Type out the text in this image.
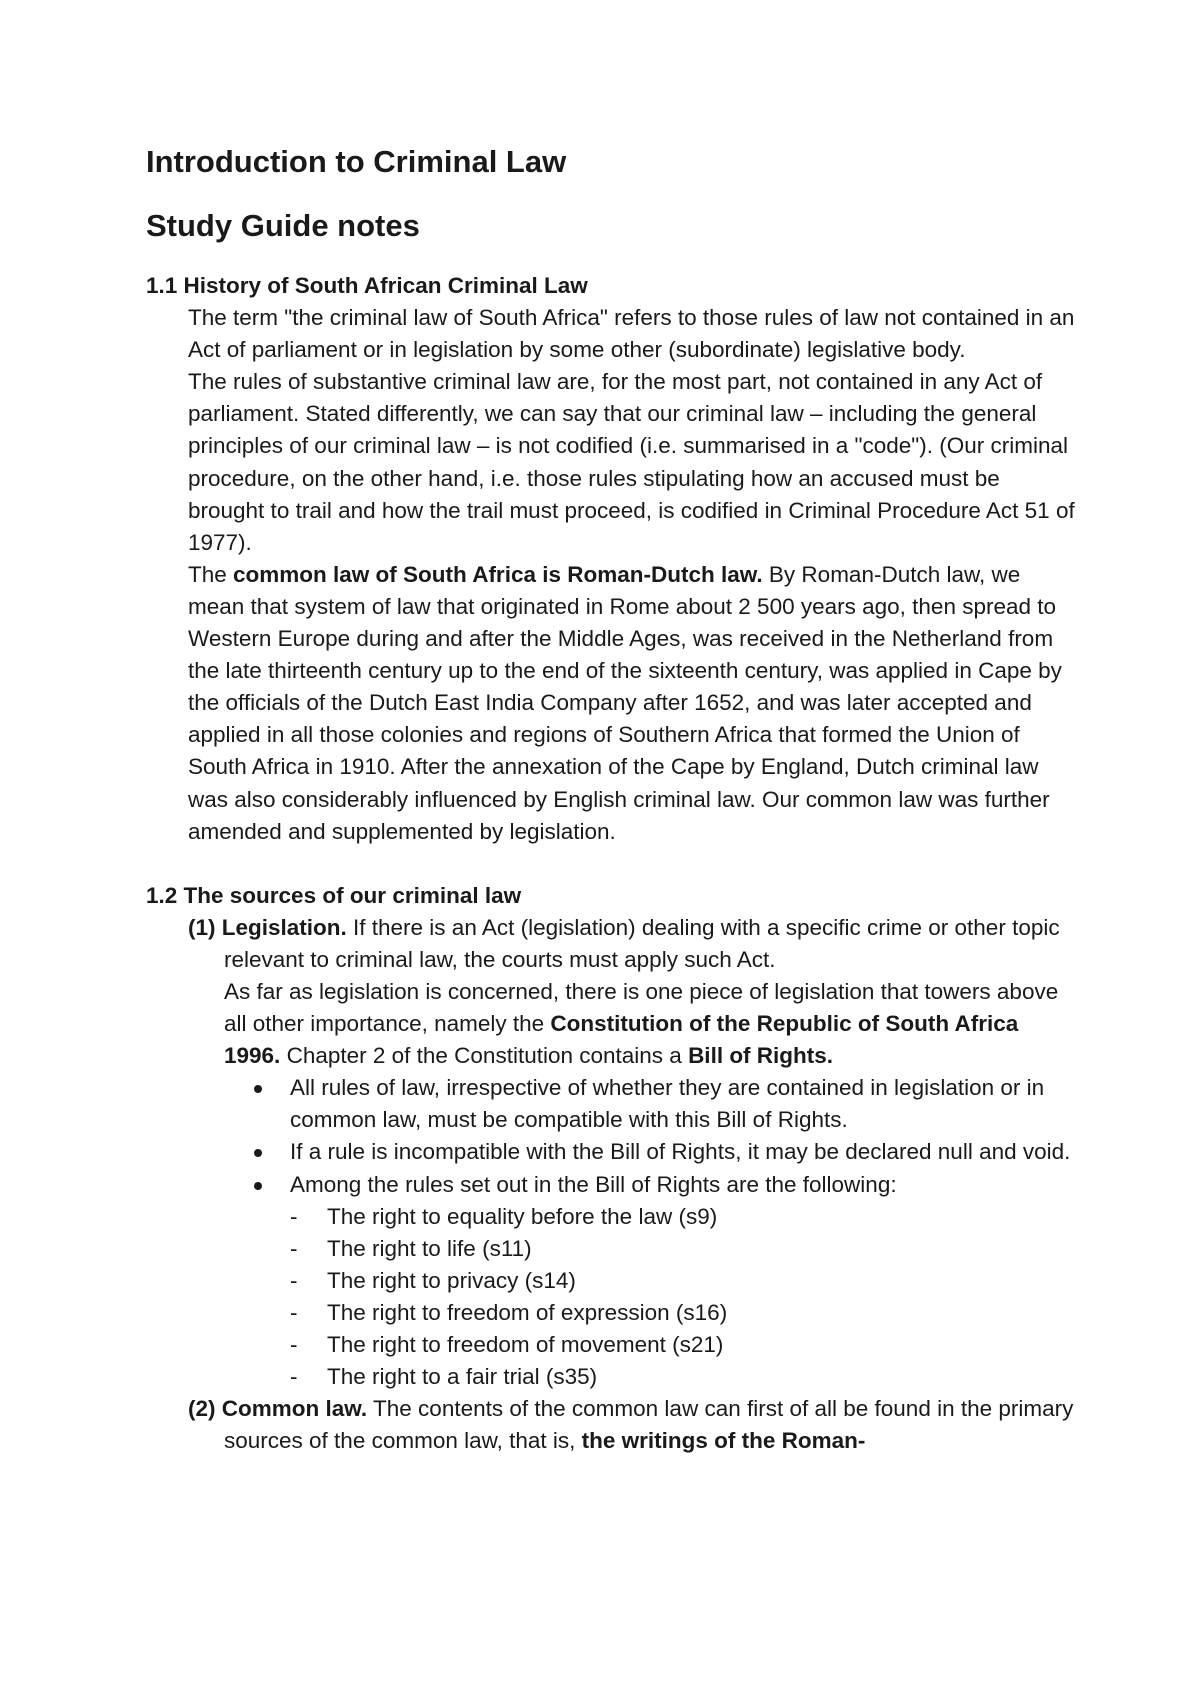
Introduction to Criminal Law
Study Guide notes
1.1 History of South African Criminal Law

The term "the criminal law of South Africa" refers to those rules of law not contained in an Act of parliament or in legislation by some other (subordinate) legislative body.

The rules of substantive criminal law are, for the most part, not contained in any Act of parliament. Stated differently, we can say that our criminal law – including the general principles of our criminal law – is not codified (i.e. summarised in a "code"). (Our criminal procedure, on the other hand, i.e. those rules stipulating how an accused must be brought to trail and how the trail must proceed, is codified in Criminal Procedure Act 51 of 1977).

The common law of South Africa is Roman-Dutch law. By Roman-Dutch law, we mean that system of law that originated in Rome about 2 500 years ago, then spread to Western Europe during and after the Middle Ages, was received in the Netherland from the late thirteenth century up to the end of the sixteenth century, was applied in Cape by the officials of the Dutch East India Company after 1652, and was later accepted and applied in all those colonies and regions of Southern Africa that formed the Union of South Africa in 1910. After the annexation of the Cape by England, Dutch criminal law was also considerably influenced by English criminal law. Our common law was further amended and supplemented by legislation.

1.2 The sources of our criminal law
(1) Legislation. If there is an Act (legislation) dealing with a specific crime or other topic relevant to criminal law, the courts must apply such Act.

As far as legislation is concerned, there is one piece of legislation that towers above all other importance, namely the Constitution of the Republic of South Africa 1996. Chapter 2 of the Constitution contains a Bill of Rights.

All rules of law, irrespective of whether they are contained in legislation or in common law, must be compatible with this Bill of Rights.
If a rule is incompatible with the Bill of Rights, it may be declared null and void.
Among the rules set out in the Bill of Rights are the following:
- The right to equality before the law (s9)
- The right to life (s11)
- The right to privacy (s14)
- The right to freedom of expression (s16)
- The right to freedom of movement (s21)
- The right to a fair trial (s35)
(2) Common law. The contents of the common law can first of all be found in the primary sources of the common law, that is, the writings of the Roman-
